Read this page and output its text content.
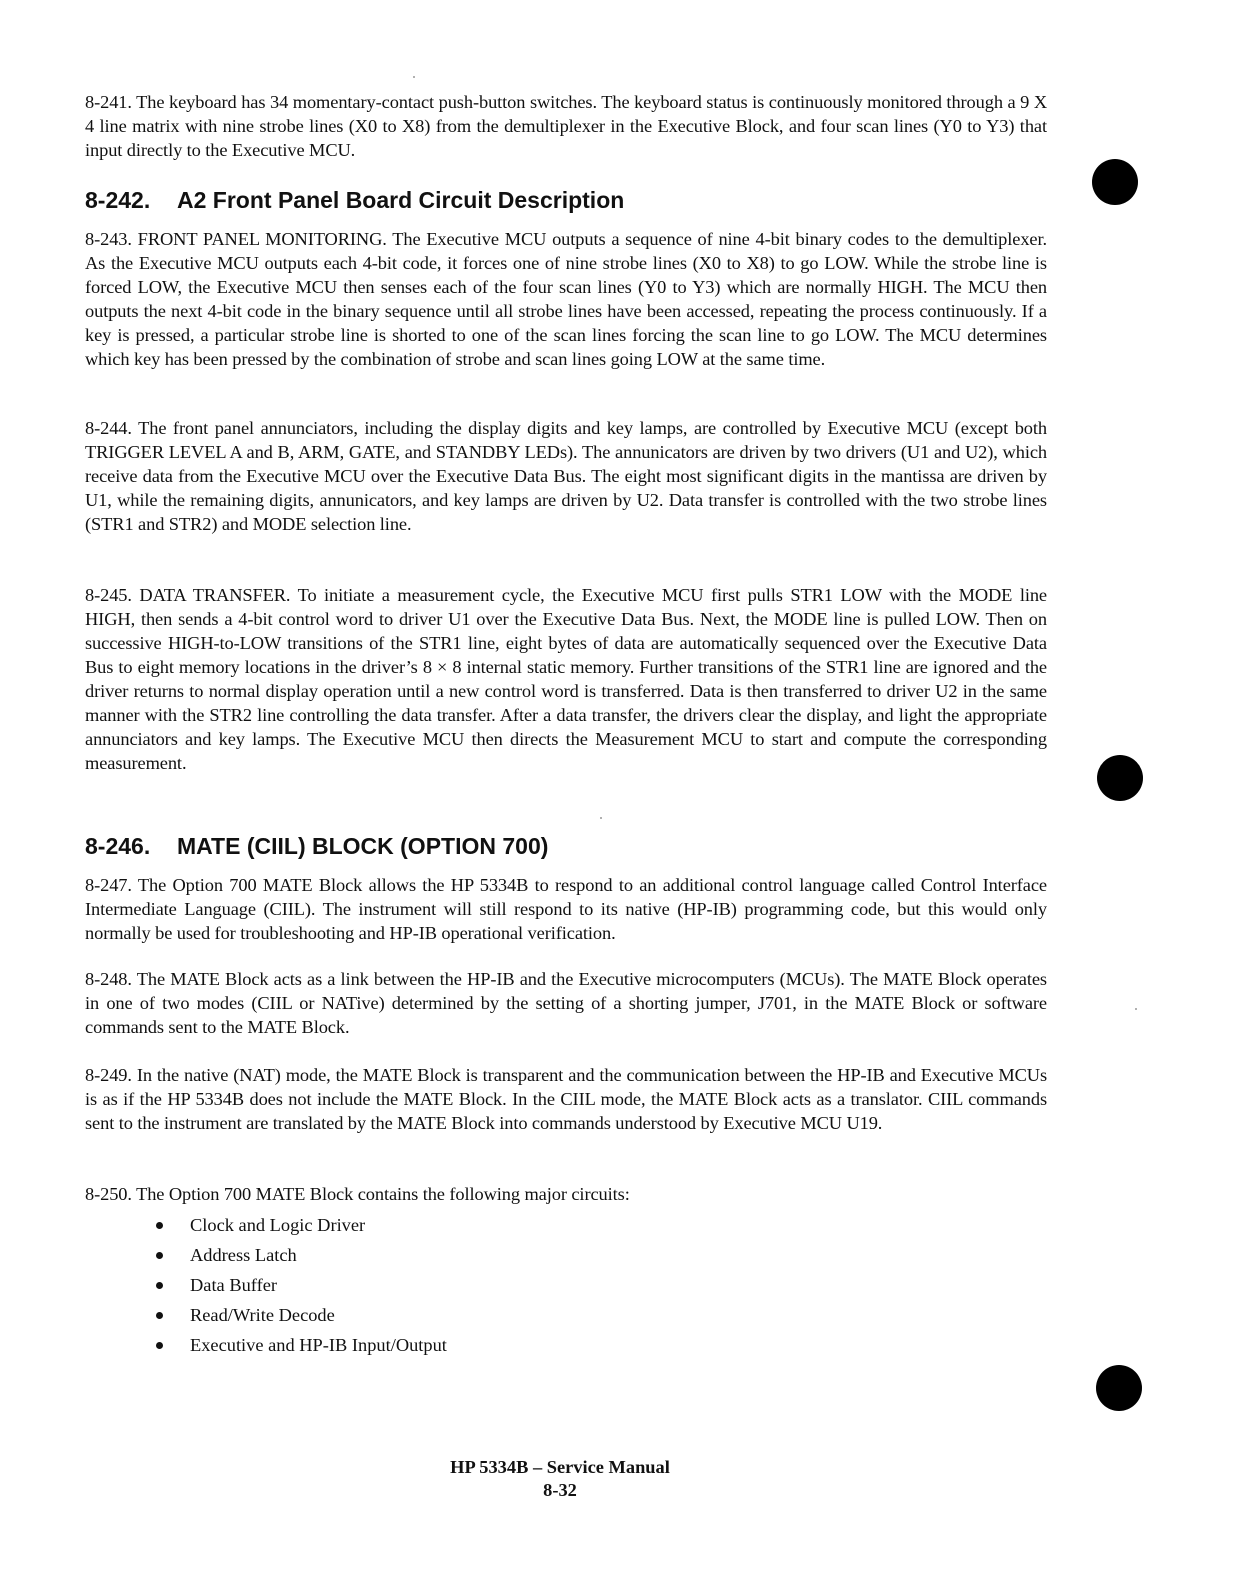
8-241. The keyboard has 34 momentary-contact push-button switches. The keyboard status is continuously monitored through a 9 X 4 line matrix with nine strobe lines (X0 to X8) from the demultiplexer in the Executive Block, and four scan lines (Y0 to Y3) that input directly to the Executive MCU.

8-242. A2 Front Panel Board Circuit Description

8-243. FRONT PANEL MONITORING. The Executive MCU outputs a sequence of nine 4-bit binary codes to the demultiplexer. As the Executive MCU outputs each 4-bit code, it forces one of nine strobe lines (X0 to X8) to go LOW. While the strobe line is forced LOW, the Executive MCU then senses each of the four scan lines (Y0 to Y3) which are normally HIGH. The MCU then outputs the next 4-bit code in the binary sequence until all strobe lines have been accessed, repeating the process continuously. If a key is pressed, a particular strobe line is shorted to one of the scan lines forcing the scan line to go LOW. The MCU determines which key has been pressed by the combination of strobe and scan lines going LOW at the same time.

8-244. The front panel annunciators, including the display digits and key lamps, are controlled by Executive MCU (except both TRIGGER LEVEL A and B, ARM, GATE, and STANDBY LEDs). The annunicators are driven by two drivers (U1 and U2), which receive data from the Executive MCU over the Executive Data Bus. The eight most significant digits in the mantissa are driven by U1, while the remaining digits, annunicators, and key lamps are driven by U2. Data transfer is controlled with the two strobe lines (STR1 and STR2) and MODE selection line.

8-245. DATA TRANSFER. To initiate a measurement cycle, the Executive MCU first pulls STR1 LOW with the MODE line HIGH, then sends a 4-bit control word to driver U1 over the Executive Data Bus. Next, the MODE line is pulled LOW. Then on successive HIGH-to-LOW transitions of the STR1 line, eight bytes of data are automatically sequenced over the Executive Data Bus to eight memory locations in the driver’s 8 × 8 internal static memory. Further transitions of the STR1 line are ignored and the driver returns to normal display operation until a new control word is transferred. Data is then transferred to driver U2 in the same manner with the STR2 line controlling the data transfer. After a data transfer, the drivers clear the display, and light the appropriate annunciators and key lamps. The Executive MCU then directs the Measurement MCU to start and compute the corresponding measurement.

8-246. MATE (CIIL) BLOCK (OPTION 700)

8-247. The Option 700 MATE Block allows the HP 5334B to respond to an additional control language called Control Interface Intermediate Language (CIIL). The instrument will still respond to its native (HP-IB) programming code, but this would only normally be used for troubleshooting and HP-IB operational verification.

8-248. The MATE Block acts as a link between the HP-IB and the Executive microcomputers (MCUs). The MATE Block operates in one of two modes (CIIL or NATive) determined by the setting of a shorting jumper, J701, in the MATE Block or software commands sent to the MATE Block.

8-249. In the native (NAT) mode, the MATE Block is transparent and the communication between the HP-IB and Executive MCUs is as if the HP 5334B does not include the MATE Block. In the CIIL mode, the MATE Block acts as a translator. CIIL commands sent to the instrument are translated by the MATE Block into commands understood by Executive MCU U19.

8-250. The Option 700 MATE Block contains the following major circuits:

Clock and Logic Driver
Address Latch
Data Buffer
Read/Write Decode
Executive and HP-IB Input/Output
HP 5334B – Service Manual
8-32
